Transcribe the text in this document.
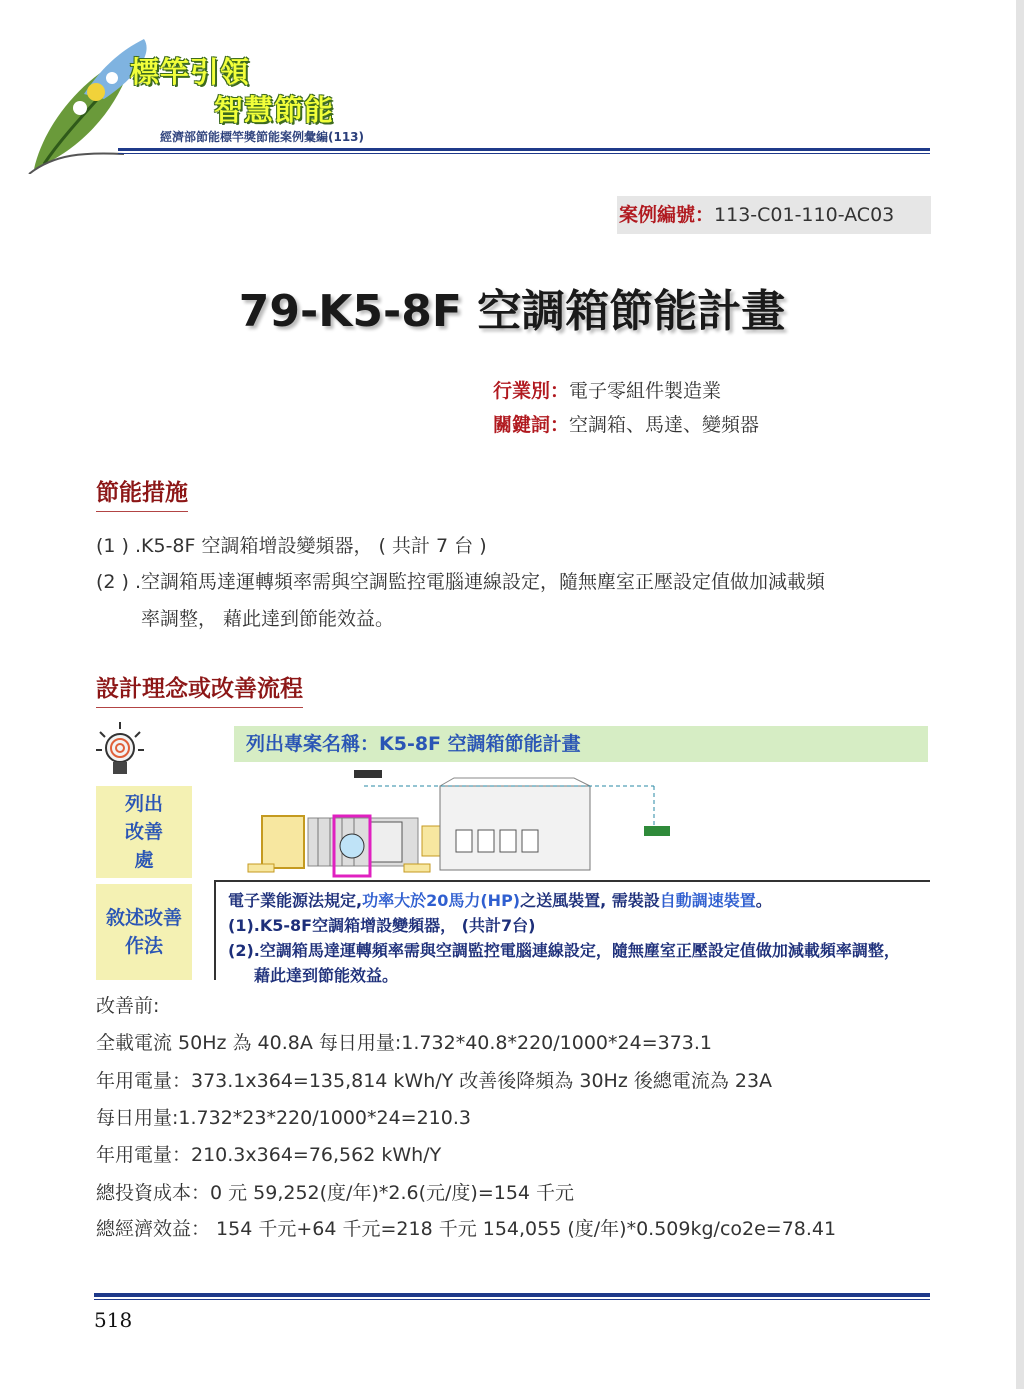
標竿引領
智慧節能
經濟部節能標竿獎節能案例彙編(113)
案例編號：113-C01-110-AC03
79-K5-8F 空調箱節能計畫
行業別：電子零組件製造業
關鍵詞：空調箱、馬達、變頻器
節能措施
(1 ) .K5-8F 空調箱增設變頻器， ( 共計 7 台 )
(2 ) .空調箱馬達運轉頻率需與空調監控電腦連線設定，隨無塵室正壓設定值做加減載頻
率調整， 藉此達到節能效益。
設計理念或改善流程
列出改善處
敘述改善作法
列出專案名稱：K5-8F 空調箱節能計畫
電子業能源法規定,功率大於20馬力(HP)之送風裝置, 需裝設自動調速裝置。
(1).K5-8F空調箱增設變頻器， (共計7台)
(2).空調箱馬達運轉頻率需與空調監控電腦連線設定，隨無塵室正壓設定值做加減載頻率調整，
藉此達到節能效益。
改善前:
全載電流 50Hz 為 40.8A 每日用量:1.732*40.8*220/1000*24=373.1
年用電量：373.1x364=135,814 kWh/Y 改善後降頻為 30Hz 後總電流為 23A
每日用量:1.732*23*220/1000*24=210.3
年用電量：210.3x364=76,562 kWh/Y
總投資成本：0 元 59,252(度/年)*2.6(元/度)=154 千元
總經濟效益： 154 千元+64 千元=218 千元 154,055 (度/年)*0.509kg/co2e=78.41
518
